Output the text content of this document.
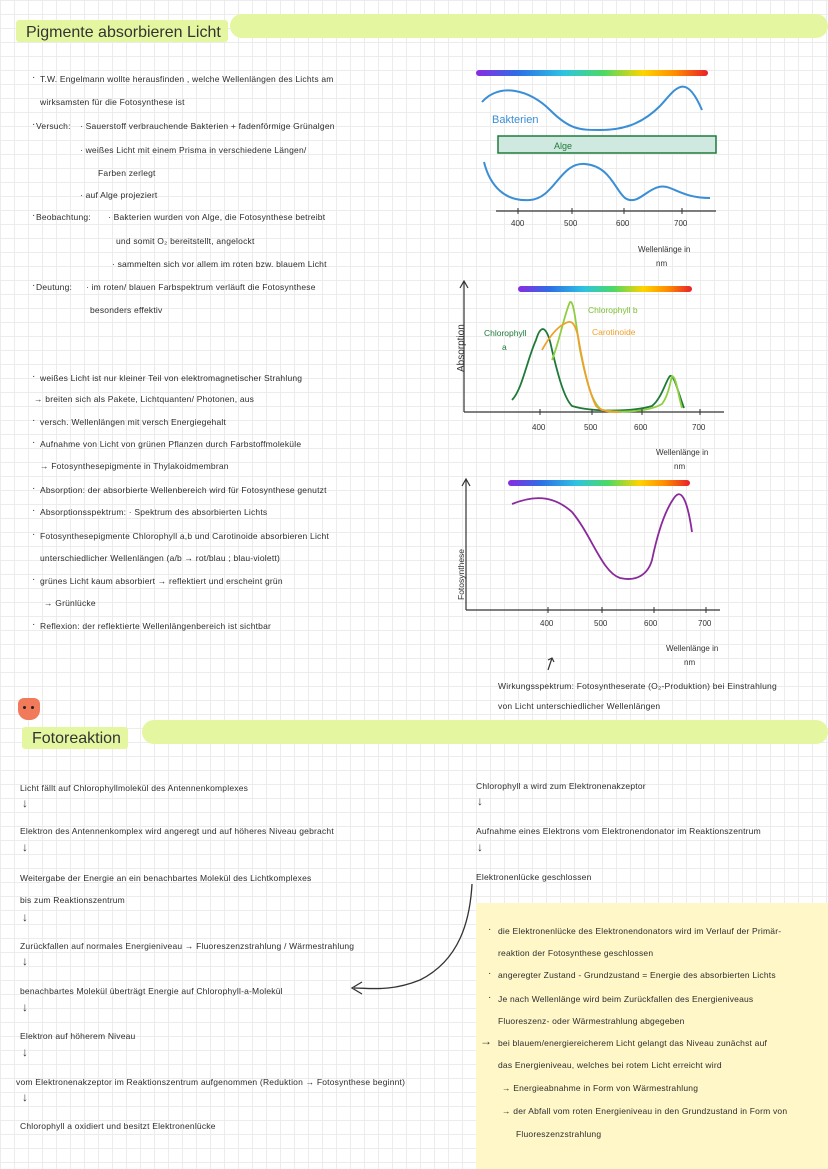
Pigmente absorbieren Licht
· T.W. Engelmann wollte herausfinden , welche Wellenlängen des Lichts am
wirksamsten für die Fotosynthese ist
· Versuch: · Sauerstoff verbrauchende Bakterien + fadenförmige Grünalgen
· weißes Licht mit einem Prisma in verschiedene Längen/
Farben zerlegt
· auf Alge projeziert
· Beobachtung: · Bakterien wurden von Alge, die Fotosynthese betreibt
und somit O₂ bereitstellt, angelockt
· sammelten sich vor allem im roten bzw. blauem Licht
· Deutung: · im roten/ blauen Farbspektrum verläuft die Fotosynthese
besonders effektiv
· weißes Licht ist nur kleiner Teil von elektromagnetischer Strahlung
→ breiten sich als Pakete, Lichtquanten/ Photonen, aus
· versch. Wellenlängen mit versch Energiegehalt
· Aufnahme von Licht von grünen Pflanzen durch Farbstoffmoleküle
→ Fotosynthesepigmente in Thylakoidmembran
· Absorption: der absorbierte Wellenbereich wird für Fotosynthese genutzt
· Absorptionsspektrum: · Spektrum des absorbierten Lichts
· Fotosynthesepigmente Chlorophyll a,b und Carotinoide absorbieren Licht
unterschiedlicher Wellenlängen (a/b → rot/blau ; blau-violett)
· grünes Licht kaum absorbiert → reflektiert und erscheint grün
→ Grünlücke
· Reflexion: der reflektierte Wellenlängenbereich ist sichtbar
Bakterien
Alge
400	500	600	700
Wellenlänge in
nm
Absorption Chlorophyll
a
Chlorophyll b
Carotinoide
400	500	600	700
Wellenlänge in
nm
Fotosynthese
400	500	600	700
Wellenlänge in
nm
Wirkungsspektrum: Fotosyntheserate (O₂-Produktion) bei Einstrahlung
von Licht unterschiedlicher Wellenlängen
Fotoreaktion
Licht fällt auf Chlorophyllmolekül des Antennenkomplexes
↓
Elektron des Antennenkomplex wird angeregt und auf höheres Niveau gebracht
↓
Weitergabe der Energie an ein benachbartes Molekül des Lichtkomplexes
bis zum Reaktionszentrum
↓
Zurückfallen auf normales Energieniveau → Fluoreszenzstrahlung / Wärmestrahlung
↓
benachbartes Molekül überträgt Energie auf Chlorophyll-a-Molekül
↓
Elektron auf höherem Niveau
↓
vom Elektronenakzeptor im Reaktionszentrum aufgenommen (Reduktion → Fotosynthese beginnt)
↓
Chlorophyll a oxidiert und besitzt Elektronenlücke
Chlorophyll a wird zum Elektronenakzeptor
↓
Aufnahme eines Elektrons vom Elektronendonator im Reaktionszentrum
↓
Elektronenlücke geschlossen
· die Elektronenlücke des Elektronendonators wird im Verlauf der Primär-
reaktion der Fotosynthese geschlossen
· angeregter Zustand - Grundzustand = Energie des absorbierten Lichts
· Je nach Wellenlänge wird beim Zurückfallen des Energieniveaus
Fluoreszenz- oder Wärmestrahlung abgegeben
→ bei blauem/energiereicherem Licht gelangt das Niveau zunächst auf
das Energieniveau, welches bei rotem Licht erreicht wird
→ Energieabnahme in Form von Wärmestrahlung
→ der Abfall vom roten Energieniveau in den Grundzustand in Form von
Fluoreszenzstrahlung
